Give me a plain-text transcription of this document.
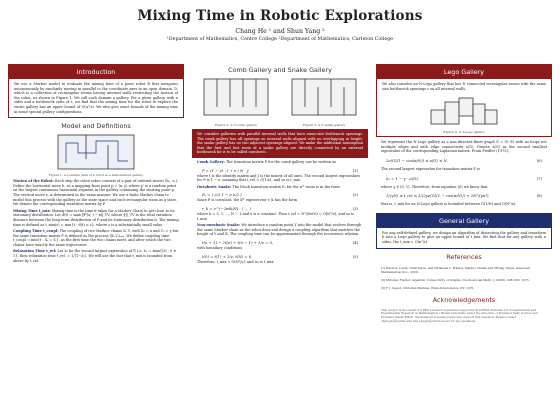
Mixing Time in Robotic Explorations
Chang He ¹ and Shun Yang ²
¹Department of Mathematics, Centre College ²Department of Mathematics, Carleton College
Introduction
We use a Markov model to evaluate the mixing time of a point robot R that navigates autonomously by randomly moving in parallel to the coordinate axes in an open domain. D, which is a collection of rectangular rooms having internal walls restricting the motion of the robot, as shown in Figure 1. We call such domain a gallery. For a given gallery with n sides and a bottleneck ratio of ε, we find that the mixing time for the robot to explore the entire gallery has an upper bound of O(n²/ε). We also give exact bounds of the mixing time in some special gallery configurations.
Model and Definitions
Figure 1. A possible path of a robot in a well-defined gallery.
Motion of the Robot: Each step the robot takes consists of a pair of ordered moves (h₁, v₁). Define the horizontal move h, as a mapping from point p = (x, y) where p′ is a random point on the largest continuous horizontal segment in the gallery containing the starting point p. The vertical move v, is determined in the same manner. We use a finite Markov chain to model this process with the gallery as the state space and each rectangular room as a state. We denote the corresponding transition matrix by P.
Mixing Time t_mix: Mixing time is the time it takes for a Markov Chain to get close to its stationary distribution. Let d(t) = max ‖Pᵗ(x,·) − π‖_TV, where ‖·‖_TV is the total variation distance between the long-term distribution of P and its stationary distribution π. The mixing time is defined as t_mix(ε) = min{t : d(t) ≤ ε}, where ε is a substantially small value.
Coupling Time t_coupl: The coupling of two Markov chains X, Y, with X₀ = x and Y₀ = y but the same transition matrix P is defined as the process (Xₜ,Yₜ)ₜ₌₀. We define coupling time t_coupl = min{t : Xₜ = Yₜ}, as the first time the two chains meet, and after which the two chains have exactly the same trajectories.
Relaxation Time t_rel: Let λ₂ be the second largest eigenvalue of P, i.e. λ₂ = max{|λ| : λ ≠ 1}, then relaxation time t_rel := 1/(1−λ₂). We will use the fact that t_mix is bounded from above by t_rel.
Comb Gallery and Snake Gallery
Figure 2. A 5-comb gallery	Figure 3. A 5-snake gallery
We consider galleries with parallel internal walls that have same-size bottleneck openings. The comb gallery has all openings on internal walls aligned with no overlapping in height; the snake gallery has no two adjacent openings aligned. We make the additional assumption that the first and last room of a snake gallery are directly connected by an external bottleneck for it to be called ouroboric.
Comb Gallery: The transition matrix P for the comb gallery can be written as
P = (1 − e) · I + e / N · J,	(1)
where I is the identity matrix and J is the matrix of all ones. The second largest eigenvalues for P is 1 − e, meaning that t_rel = O(1/e), and so is t_mix.
Ouroboric Snake: The block transition matrix P₀ for the nᵗʰ room is in the form
Pₙ = ( e/2 1 − e e/2 )	(2)
Since P is circulant, the kᵗʰ eigenvector r_k has the form
r_k = e^(−2πik/N) · ( ... )	(3)
where k = 0, 1, ..., N − 1 and e is a constant. Then t_rel = N²/(8π²e) = O(N²/e), and so is t_mix.
Non-ouroboric Snake: We introduce a random point Y into the model that evolves through the same Markov chain as the robot does and design a coupling algorithm that matches the height of Y and R. The coupling time can be approximated through the recurrence relation
t(n + 1) − 2t(n) + t(n − 1) + 1/e = 0,	(4)
with boundary conditions
t(0) = t(1) + 2/e, t(N) = 0.	(5)
Therefore, t_mix = O(N²/e), and so is t_mix.
Lego Gallery
We also consider an N-Lego gallery that has N connected rectangular rooms with the same size bottleneck openings ε on all internal walls.
Figure 4. A 5-Lego gallery
We represent the N-Lego gallery as a non-directed finite graph G = (V, E) with no loops nor multiple edges and with edge connectivity e(G). Denote a(G) as the second smallest eigenvalue of the corresponding Laplacian matrix. From Fiedler (1973),
2e(G)(1 − cos(π/N)) ≤ a(G) ≤ N.	(6)
The second largest eigenvalue for transition matrix P is
λ₂ = 1 − γ · a(G),	(7)
where γ ∈ (0, 1). Therefore, from equation (6) we know that
1/(γN) ≤ t_rel ≤ 1/(2γe(G)(1 − cos(π/N))) ≈ 2N²/(γπ²),	(8)
that is, t_mix for an N-Lego gallery is bounded between O(1/N) and O(N²/e).
General Gallery
For any self-defined gallery, we design an algorithm of dissecting the gallery and transform it into a Lego gallery to give an upper bound of t_mix. We find that for any gallery with n sides, the t_mix = O(n²/ε).
References
[1] David A. Levin, Yuval Peres, and Elizabeth L. Wilmer. Markov Chains and Mixing Times. American Mathematical Soc., 2009.
[2] Miroslav Fiedler. Algebraic Connectivity of Graphs. Czechoslovak Math. J. 23(98): 298–305, 1973.
[3] F. J. Seyed, Christian Mathias. Wiley-Interscience, NY, 1970.
Acknowledgements
This project is the result of a REU research experience supported at ICERM (Institute for Computational and Experimental Research in Mathematics) / Brown University under the direction of Professor Sally Gordon and Professor Sarah Elliott. We thank all reviewing team who support this research. Please contact chang.he@centre.edu and yangs2@carleton.edu for any questions.
